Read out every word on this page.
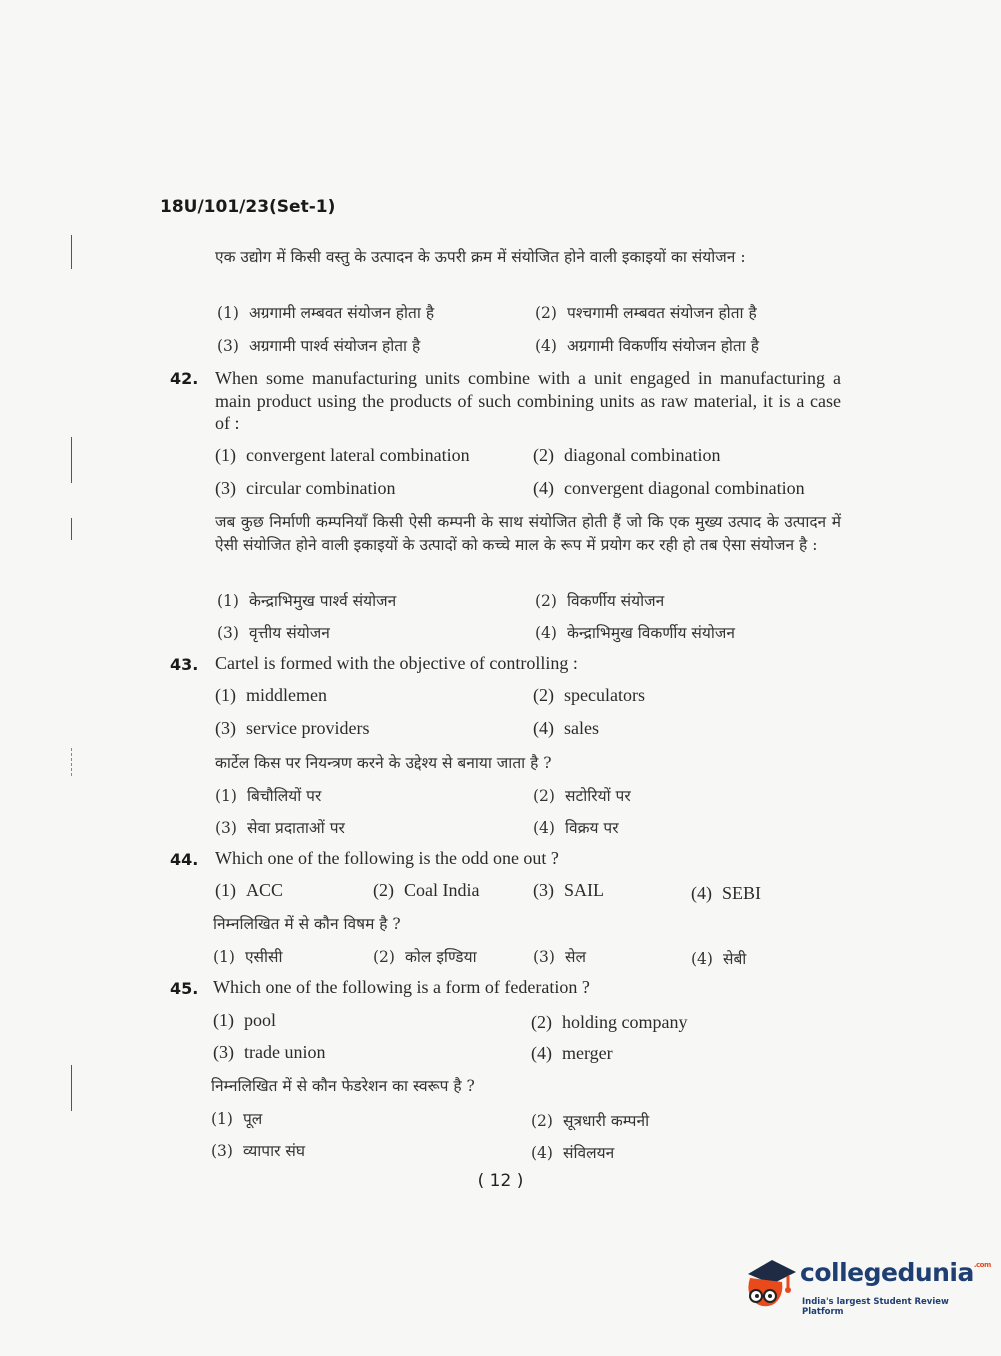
18U/101/23(Set-1)
एक उद्योग में किसी वस्तु के उत्पादन के ऊपरी क्रम में संयोजित होने वाली इकाइयों का संयोजन :
(1) अग्रगामी लम्बवत संयोजन होता है	(2) पश्चगामी लम्बवत संयोजन होता है
(3) अग्रगामी पार्श्व संयोजन होता है	(4) अग्रगामी विकर्णीय संयोजन होता है
42. When some manufacturing units combine with a unit engaged in manufacturing a main product using the products of such combining units as raw material, it is a case of :
(1) convergent lateral combination	(2) diagonal combination
(3) circular combination	(4) convergent diagonal combination
जब कुछ निर्माणी कम्पनियाँ किसी ऐसी कम्पनी के साथ संयोजित होती हैं जो कि एक मुख्य उत्पाद के उत्पादन में ऐसी संयोजित होने वाली इकाइयों के उत्पादों को कच्चे माल के रूप में प्रयोग कर रही हो तब ऐसा संयोजन है :
(1) केन्द्राभिमुख पार्श्व संयोजन	(2) विकर्णीय संयोजन
(3) वृत्तीय संयोजन	(4) केन्द्राभिमुख विकर्णीय संयोजन
43. Cartel is formed with the objective of controlling :
(1) middlemen	(2) speculators
(3) service providers	(4) sales
कार्टेल किस पर नियन्त्रण करने के उद्देश्य से बनाया जाता है ?
(1) बिचौलियों पर	(2) सटोरियों पर
(3) सेवा प्रदाताओं पर	(4) विक्रय पर
44. Which one of the following is the odd one out ?
(1) ACC	(2) Coal India	(3) SAIL	(4) SEBI
निम्नलिखित में से कौन विषम है ?
(1) एसीसी	(2) कोल इण्डिया	(3) सेल	(4) सेबी
45. Which one of the following is a form of federation ?
(1) pool	(2) holding company
(3) trade union	(4) merger
निम्नलिखित में से कौन फेडरेशन का स्वरूप है ?
(1) पूल	(2) सूत्रधारी कम्पनी
(3) व्यापार संघ	(4) संविलयन
( 12 )
collegedunia$^{.com}$
India's largest Student Review Platform
